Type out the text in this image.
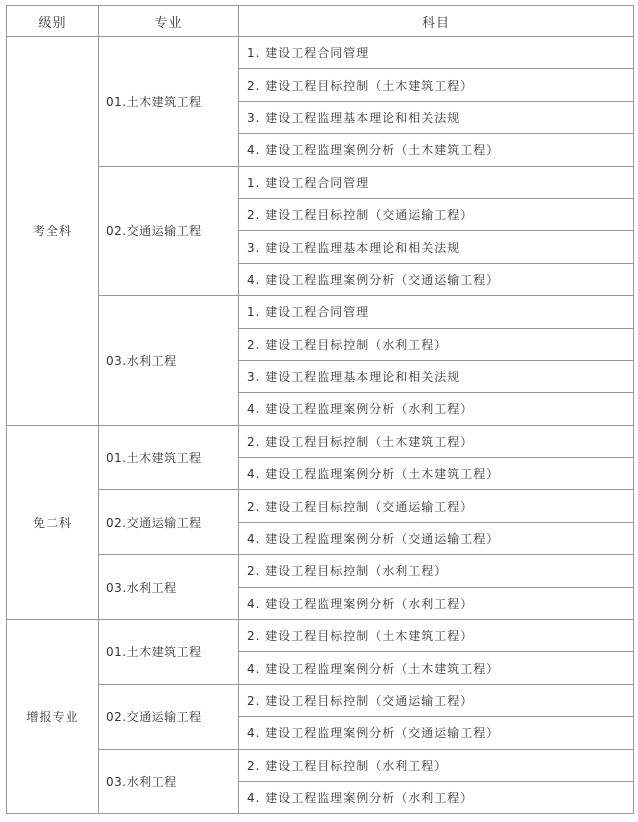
级别	专业	科目
考全科	01.土木建筑工程	1. 建设工程合同管理
		2. 建设工程目标控制（土木建筑工程）
		3. 建设工程监理基本理论和相关法规
		4. 建设工程监理案例分析（土木建筑工程）
	02.交通运输工程	1. 建设工程合同管理
		2. 建设工程目标控制（交通运输工程）
		3. 建设工程监理基本理论和相关法规
		4. 建设工程监理案例分析（交通运输工程）
	03.水利工程	1. 建设工程合同管理
		2. 建设工程目标控制（水利工程）
		3. 建设工程监理基本理论和相关法规
		4. 建设工程监理案例分析（水利工程）
免二科	01.土木建筑工程	2. 建设工程目标控制（土木建筑工程）
		4. 建设工程监理案例分析（土木建筑工程）
	02.交通运输工程	2. 建设工程目标控制（交通运输工程）
		4. 建设工程监理案例分析（交通运输工程）
	03.水利工程	2. 建设工程目标控制（水利工程）
		4. 建设工程监理案例分析（水利工程）
增报专业	01.土木建筑工程	2. 建设工程目标控制（土木建筑工程）
		4. 建设工程监理案例分析（土木建筑工程）
	02.交通运输工程	2. 建设工程目标控制（交通运输工程）
		4. 建设工程监理案例分析（交通运输工程）
	03.水利工程	2. 建设工程目标控制（水利工程）
		4. 建设工程监理案例分析（水利工程）
